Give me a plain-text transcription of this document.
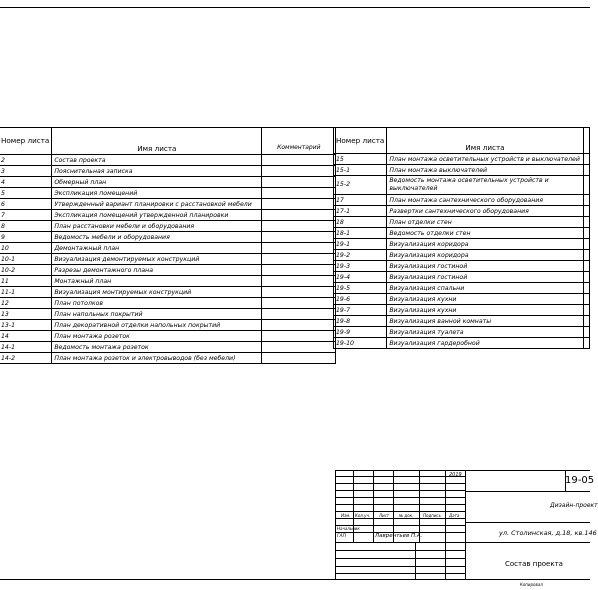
Номер листа	Имя листа	Комментарий
2	Состав проекта	
3	Пояснительная записка	
4	Обмерный план	
5	Экспликация помещений	
6	Утвержденный вариант планировки с расстановкой мебели	
7	Экспликация помещений утвержденной планировки	
8	План расстановки мебели и оборудования	
9	Ведомость мебели и оборудования	
10	Демонтажный план	
10-1	Визуализация демонтируемых конструкций	
10-2	Разрезы демонтажного плана	
11	Монтажный план	
11-1	Визуализация монтируемых конструкций	
12	План потолков	
13	План напольных покрытий	
13-1	План декоративной отделки напольных покрытий	
14	План монтажа розеток	
14-1	Ведомость монтажа розеток	
14-2	План монтажа розеток и электровыводов (без мебели)	
Номер листа	Имя листа	
15	План монтажа осветительных устройств и выключателей	
15-1	План монтажа выключателей	
15-2	Ведомость монтажа осветительных устройств и выключателей	
17	План монтажа сантехнического оборудования	
17-1	Развертки сантехнического оборудования	
18	План отделки стен	
18-1	Ведомость отделки стен	
19-1	Визуализация коридора	
19-2	Визуализация коридора	
19-3	Визуализация гостиной	
19-4	Визуализация гостиной	
19-5	Визуализация спальни	
19-6	Визуализация кухни	
19-7	Визуализация кухни	
19-8	Визуализация ванной комнаты	
19-9	Визуализация туалета	
19-10	Визуализация гардеробной	
2019	19-05
Дизайн-проект
ул. Столинская, д.18, кв.146
Состав проекта
Изм. Кол.уч. Лист № док. Подпись Дата
Начальник
ГАП	Лаврентьев П.А.
Копировал
